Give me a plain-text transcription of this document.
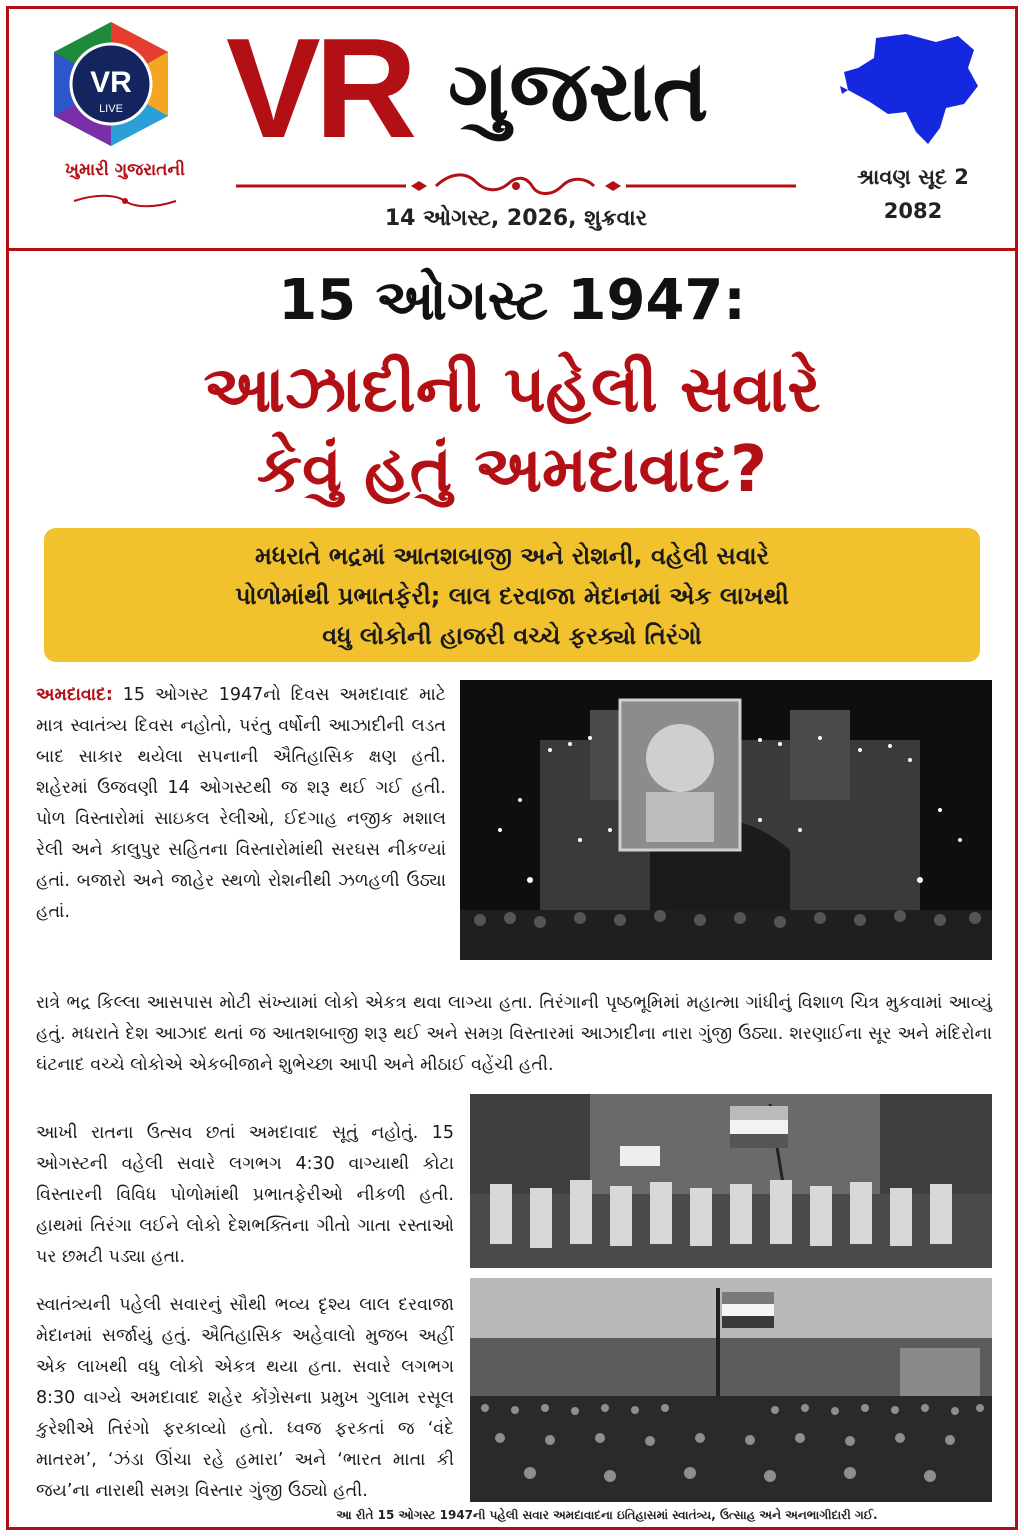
VR
LIVE
ખુમારી ગુજરાતની
VR ગુજરાત
14 ઓગસ્ટ, 2026, શુક્રવાર
શ્રાવણ સૂદ 2
2082
15 ઓગસ્ટ 1947:
આઝાદીની પહેલી સવારે
કેવું હતું અમદાવાદ?
મધરાતે ભદ્રમાં આતશબાજી અને રોશની, વહેલી સવારે
પોળોમાંથી પ્રભાતફેરી; લાલ દરવાજા મેદાનમાં એક લાખથી
વધુ લોકોની હાજરી વચ્ચે ફરક્યો તિરંગો
અમદાવાદ: 15 ઓગસ્ટ 1947નો દિવસ અમદાવાદ માટે માત્ર સ્વાતંત્ર્ય દિવસ નહોતો, પરંતુ વર્ષોની આઝાદીની લડત બાદ સાકાર થયેલા સપનાની ઐતિહાસિક ક્ષણ હતી. શહેરમાં ઉજવણી 14 ઓગસ્ટથી જ શરૂ થઈ ગઈ હતી. પોળ વિસ્તારોમાં સાઇકલ રેલીઓ, ઈદગાહ નજીક મશાલ રેલી અને કાલુપુર સહિતના વિસ્તારોમાંથી સરઘસ નીકળ્યાં હતાં. બજારો અને જાહેર સ્થળો રોશનીથી ઝળહળી ઉઠ્યા હતાં.
રાત્રે ભદ્ર કિલ્લા આસપાસ મોટી સંખ્યામાં લોકો એકત્ર થવા લાગ્યા હતા. તિરંગાની પૃષ્ઠભૂમિમાં મહાત્મા ગાંધીનું વિશાળ ચિત્ર મુકવામાં આવ્યું હતું. મધરાતે દેશ આઝાદ થતાં જ આતશબાજી શરૂ થઈ અને સમગ્ર વિસ્તારમાં આઝાદીના નારા ગુંજી ઉઠ્યા. શરણાઈના સૂર અને મંદિરોના ઘંટનાદ વચ્ચે લોકોએ એકબીજાને શુભેચ્છા આપી અને મીઠાઈ વહેંચી હતી.
આખી રાતના ઉત્સવ છતાં અમદાવાદ સૂતું નહોતું. 15 ઓગસ્ટની વહેલી સવારે લગભગ 4:30 વાગ્યાથી કોટા વિસ્તારની વિવિધ પોળોમાંથી પ્રભાતફેરીઓ નીકળી હતી. હાથમાં તિરંગા લઈને લોકો દેશભક્તિના ગીતો ગાતા રસ્તાઓ પર છમટી પડ્યા હતા.
સ્વાતંત્ર્યની પહેલી સવારનું સૌથી ભવ્ય દૃશ્ય લાલ દરવાજા મેદાનમાં સર્જાયું હતું. ઐતિહાસિક અહેવાલો મુજબ અહીં એક લાખથી વધુ લોકો એકત્ર થયા હતા. સવારે લગભગ 8:30 વાગ્યે અમદાવાદ શહેર કોંગ્રેસના પ્રમુખ ગુલામ રસૂલ કુરેશીએ તિરંગો ફરકાવ્યો હતો. ધ્વજ ફરકતાં જ ‘વંદે માતરમ’, ‘ઝંડા ઊંચા રહે હમારા’ અને ‘ભારત માતા કી જય’ના નારાથી સમગ્ર વિસ્તાર ગુંજી ઉઠ્યો હતી.
આ રીતે 15 ઓગસ્ટ 1947ની પહેલી સવાર અમદાવાદના ઇતિહાસમાં સ્વાતંત્ર્ય, ઉત્સાહ અને અનભાગીદારી ગઈ.
